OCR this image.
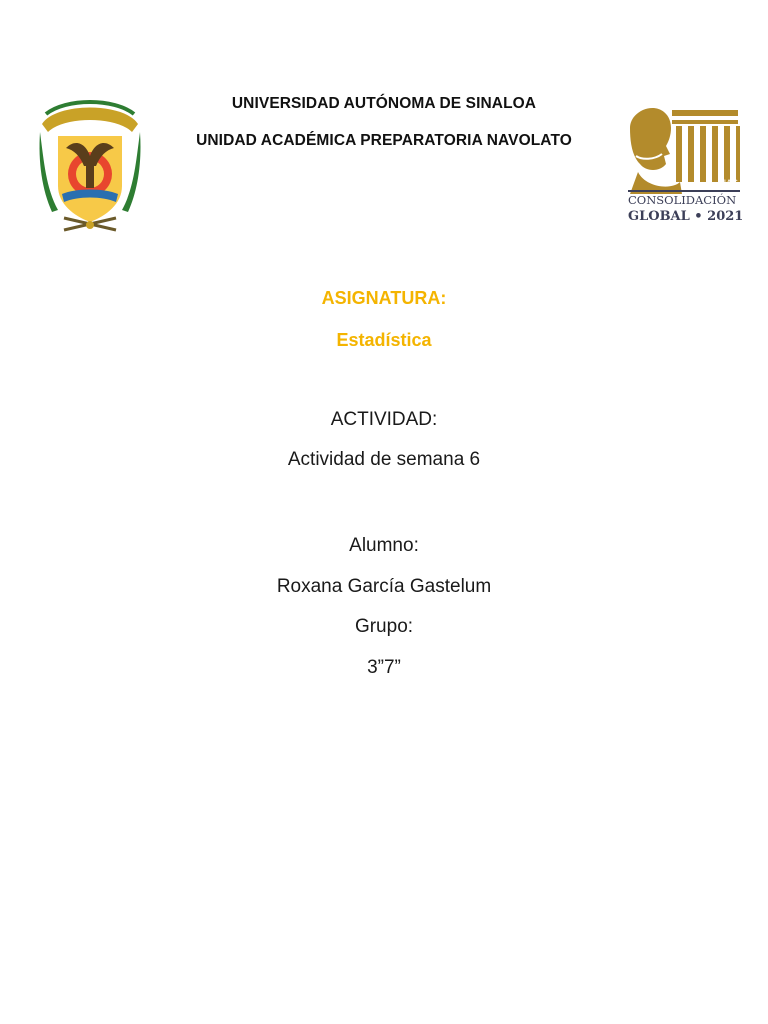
UNIVERSIDAD AUTÓNOMA DE SINALOA
UNIDAD ACADÉMICA PREPARATORIA NAVOLATO
UAS
CONSOLIDACIÓN
GLOBAL • 2021
ASIGNATURA:
Estadística
ACTIVIDAD:
Actividad de semana 6
Alumno:
Roxana García Gastelum
Grupo:
3”7”
